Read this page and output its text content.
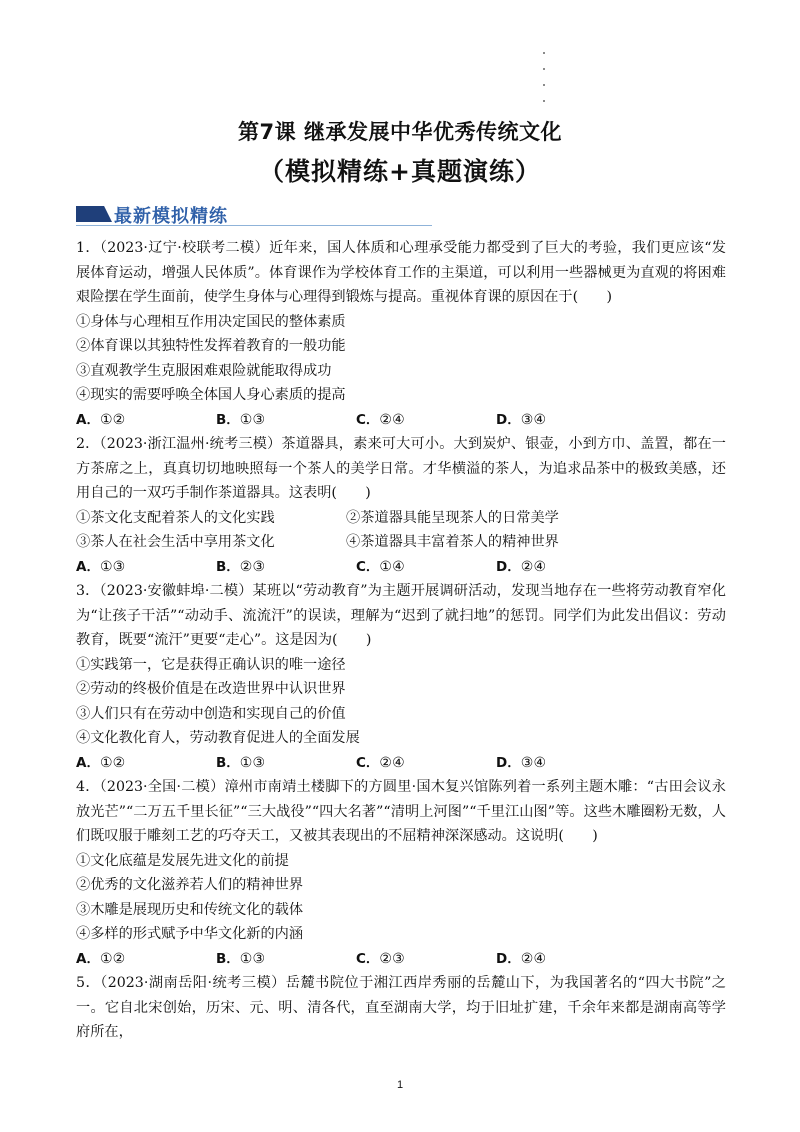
第7课 继承发展中华优秀传统文化
（模拟精练+真题演练）
最新模拟精练
1．（2023·辽宁·校联考二模）近年来，国人体质和心理承受能力都受到了巨大的考验，我们更应该“发展体育运动，增强人民体质”。体育课作为学校体育工作的主渠道，可以利用一些器械更为直观的将困难艰险摆在学生面前，使学生身体与心理得到锻炼与提高。重视体育课的原因在于(　　)
①身体与心理相互作用决定国民的整体素质
②体育课以其独特性发挥着教育的一般功能
③直观教学生克服困难艰险就能取得成功
④现实的需要呼唤全体国人身心素质的提高
A．①②	B．①③	C．②④	D．③④
2．（2023·浙江温州·统考三模）茶道器具，素来可大可小。大到炭炉、银壶，小到方巾、盖置，都在一方茶席之上，真真切切地映照每一个茶人的美学日常。才华横溢的茶人，为追求品茶中的极致美感，还用自己的一双巧手制作茶道器具。这表明(　　)
①茶文化支配着茶人的文化实践	②茶道器具能呈现茶人的日常美学
③茶人在社会生活中享用茶文化	④茶道器具丰富着茶人的精神世界
A．①③	B．②③	C．①④	D．②④
3．（2023·安徽蚌埠·二模）某班以“劳动教育”为主题开展调研活动，发现当地存在一些将劳动教育窄化为“让孩子干活”“动动手、流流汗”的误读，理解为“迟到了就扫地”的惩罚。同学们为此发出倡议：劳动教育，既要“流汗”更要“走心”。这是因为(　　)
①实践第一，它是获得正确认识的唯一途径
②劳动的终极价值是在改造世界中认识世界
③人们只有在劳动中创造和实现自己的价值
④文化教化育人，劳动教育促进人的全面发展
A．①②	B．①③	C．②④	D．③④
4．（2023·全国·二模）漳州市南靖土楼脚下的方圆里·国木复兴馆陈列着一系列主题木雕：“古田会议永放光芒”“二万五千里长征”“三大战役”“四大名著”“清明上河图”“千里江山图”等。这些木雕圈粉无数，人们既叹服于雕刻工艺的巧夺天工，又被其表现出的不屈精神深深感动。这说明(　　)
①文化底蕴是发展先进文化的前提
②优秀的文化滋养若人们的精神世界
③木雕是展现历史和传统文化的载体
④多样的形式赋予中华文化新的内涵
A．①②	B．①③	C．②③	D．②④
5．（2023·湖南岳阳·统考三模）岳麓书院位于湘江西岸秀丽的岳麓山下，为我国著名的“四大书院”之一。它自北宋创始，历宋、元、明、清各代，直至湖南大学，均于旧址扩建，千余年来都是湖南高等学府所在，
1
